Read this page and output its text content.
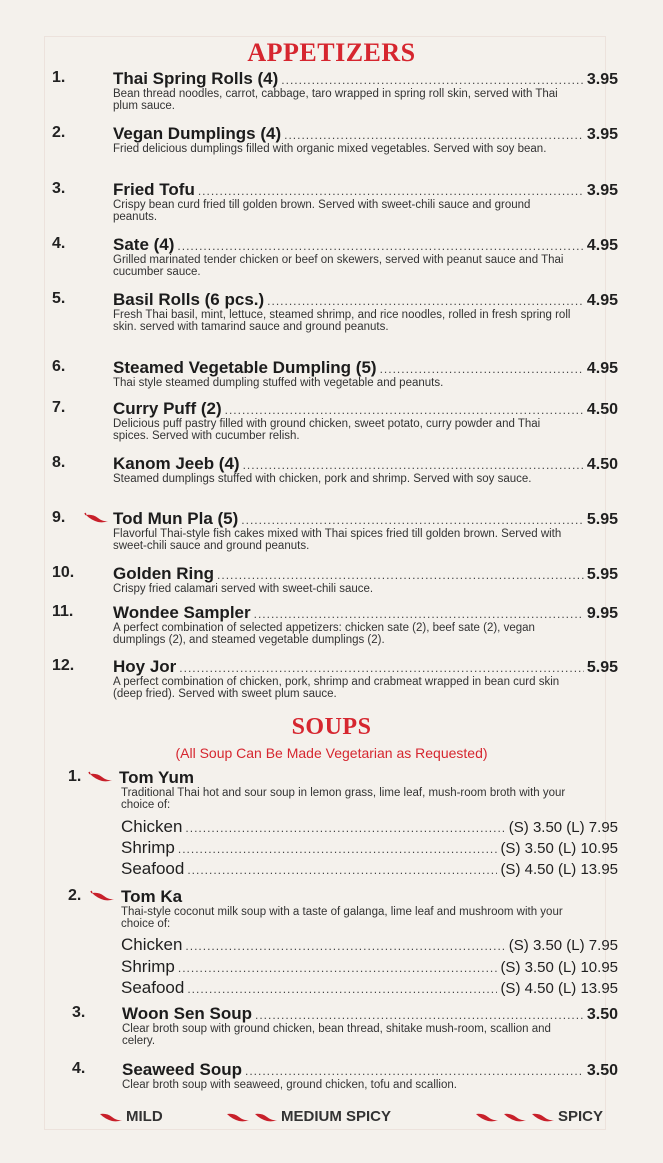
APPETIZERS
1.	Thai Spring Rolls (4) .....	3.95
Bean thread noodles, carrot, cabbage, taro wrapped in spring roll skin, served with Thai plum sauce.
2.	Vegan Dumplings (4) .....	3.95
Fried delicious dumplings filled with organic mixed vegetables. Served with soy bean.
3.	Fried Tofu .....	3.95
Crispy bean curd fried till golden brown. Served with sweet-chili sauce and ground peanuts.
4.	Sate (4) .....	4.95
Grilled marinated tender chicken or beef on skewers, served with peanut sauce and Thai cucumber sauce.
5.	Basil Rolls (6 pcs.) .....	4.95
Fresh Thai basil, mint, lettuce, steamed shrimp, and rice noodles, rolled in fresh spring roll skin. served with tamarind sauce and ground peanuts.
6.	Steamed Vegetable Dumpling (5) .....	4.95
Thai style steamed dumpling stuffed with vegetable and peanuts.
7.	Curry Puff (2) .....	4.50
Delicious puff pastry filled with ground chicken, sweet potato, curry powder and Thai spices. Served with cucumber relish.
8.	Kanom Jeeb (4) .....	4.50
Steamed dumplings stuffed with chicken, pork and shrimp. Served with soy sauce.
9.	Tod Mun Pla (5) .....	5.95
Flavorful Thai-style fish cakes mixed with Thai spices fried till golden brown. Served with sweet-chili sauce and ground peanuts.
10.	Golden Ring .....	5.95
Crispy fried calamari served with sweet-chili sauce.
11.	Wondee Sampler .....	9.95
A perfect combination of selected appetizers: chicken sate (2), beef sate (2), vegan dumplings (2), and steamed vegetable dumplings (2).
12.	Hoy Jor .....	5.95
A perfect combination of chicken, pork, shrimp and crabmeat wrapped in bean curd skin (deep fried). Served with sweet plum sauce.
SOUPS
(All Soup Can Be Made Vegetarian as Requested)
1.	Tom Yum
Traditional Thai hot and sour soup in lemon grass, lime leaf, mush-room broth with your choice of:
Chicken .....	(S) 3.50 (L) 7.95
Shrimp .....	(S) 3.50 (L) 10.95
Seafood .....	(S) 4.50 (L) 13.95
2.	Tom Ka
Thai-style coconut milk soup with a taste of galanga, lime leaf and mushroom with your choice of:
Chicken .....	(S) 3.50 (L) 7.95
Shrimp .....	(S) 3.50 (L) 10.95
Seafood .....	(S) 4.50 (L) 13.95
3.	Woon Sen Soup .....	3.50
Clear broth soup with ground chicken, bean thread, shitake mush-room, scallion and celery.
4.	Seaweed Soup .....	3.50
Clear broth soup with seaweed, ground chicken, tofu and scallion.
MILD	MEDIUM SPICY	SPICY
